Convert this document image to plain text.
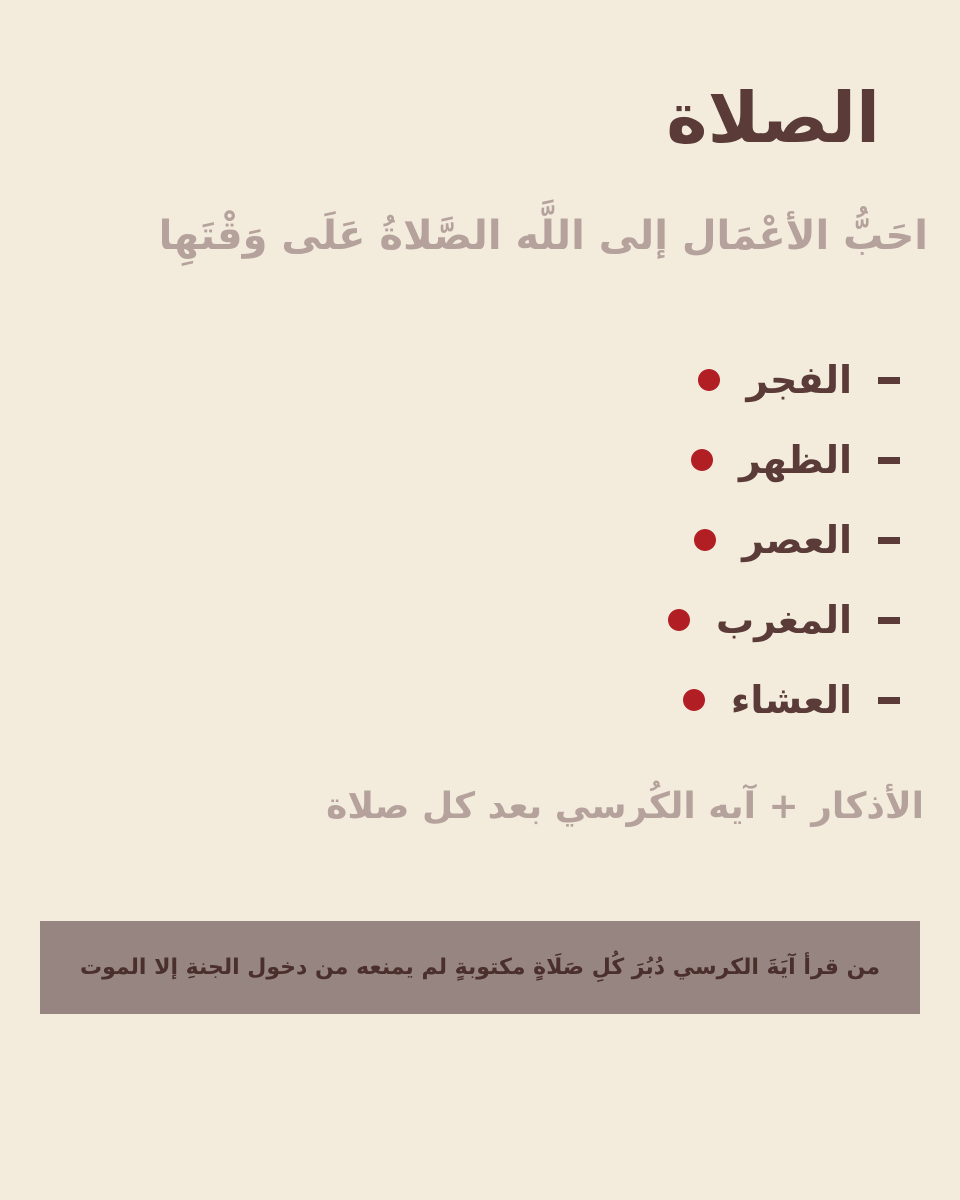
الصلاة
احَبُّ الأعْمَال إلى اللَّه الصَّلاةُ عَلَى وَقْتَهِا
الفجر
الظهر
العصر
المغرب
العشاء
الأذكار + آيه الكُرسي بعد كل صلاة
من قرأ آيَةَ الكرسي دُبُرَ كُلِ صَلَاةٍ مكتوبةٍ لم يمنعه من دخول الجنةِ إلا الموت
